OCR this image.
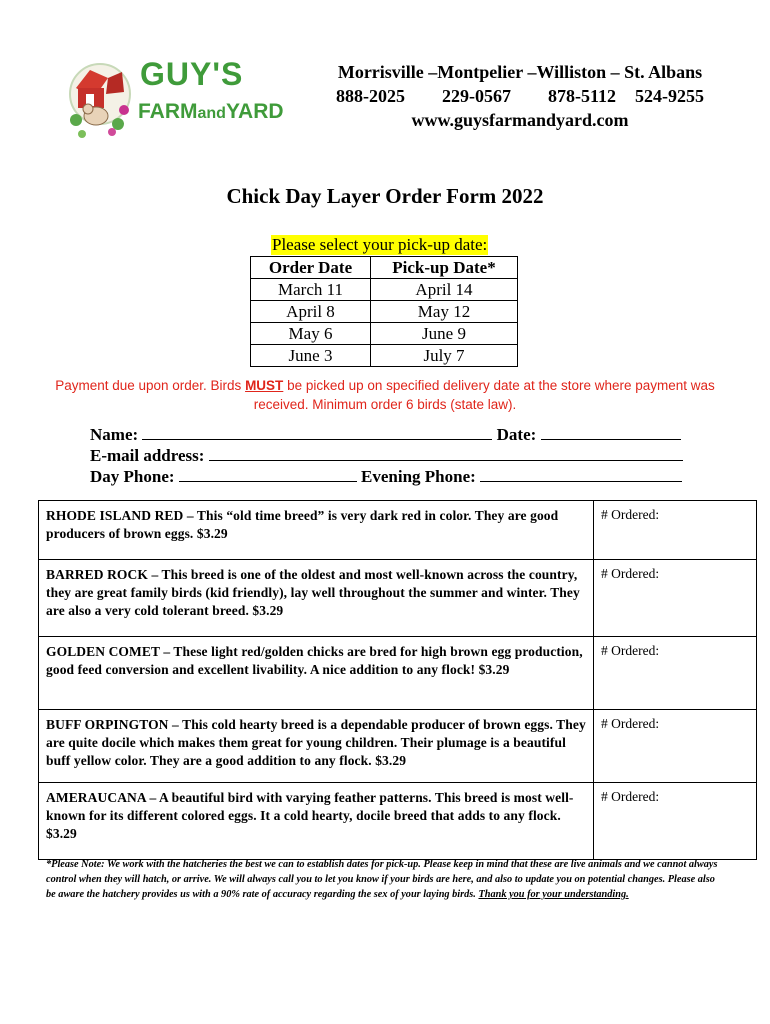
GUY'S
FARMandYARD
Morrisville –Montpelier –Williston – St. Albans
888-2025 229-0567 878-5112 524-9255
www.guysfarmandyard.com
Chick Day Layer Order Form 2022
Please select your pick-up date:
Order Date	Pick-up Date*
March 11	April 14
April 8	May 12
May 6	June 9
June 3	July 7
Payment due upon order. Birds MUST be picked up on specified delivery date at the store where payment was received. Minimum order 6 birds (state law).
Name:	Date:
E-mail address:
Day Phone:	Evening Phone:
RHODE ISLAND RED – This “old time breed” is very dark red in color. They are good producers of brown eggs. $3.29	# Ordered:
BARRED ROCK – This breed is one of the oldest and most well-known across the country, they are great family birds (kid friendly), lay well throughout the summer and winter. They are also a very cold tolerant breed. $3.29	# Ordered:
GOLDEN COMET – These light red/golden chicks are bred for high brown egg production, good feed conversion and excellent livability. A nice addition to any flock! $3.29	# Ordered:
BUFF ORPINGTON – This cold hearty breed is a dependable producer of brown eggs. They are quite docile which makes them great for young children. Their plumage is a beautiful buff yellow color. They are a good addition to any flock. $3.29	# Ordered:
AMERAUCANA – A beautiful bird with varying feather patterns. This breed is most well-known for its different colored eggs. It a cold hearty, docile breed that adds to any flock. $3.29	# Ordered:
*Please Note: We work with the hatcheries the best we can to establish dates for pick-up. Please keep in mind that these are live animals and we cannot always control when they will hatch, or arrive. We will always call you to let you know if your birds are here, and also to update you on potential changes. Please also be aware the hatchery provides us with a 90% rate of accuracy regarding the sex of your laying birds. Thank you for your understanding.
